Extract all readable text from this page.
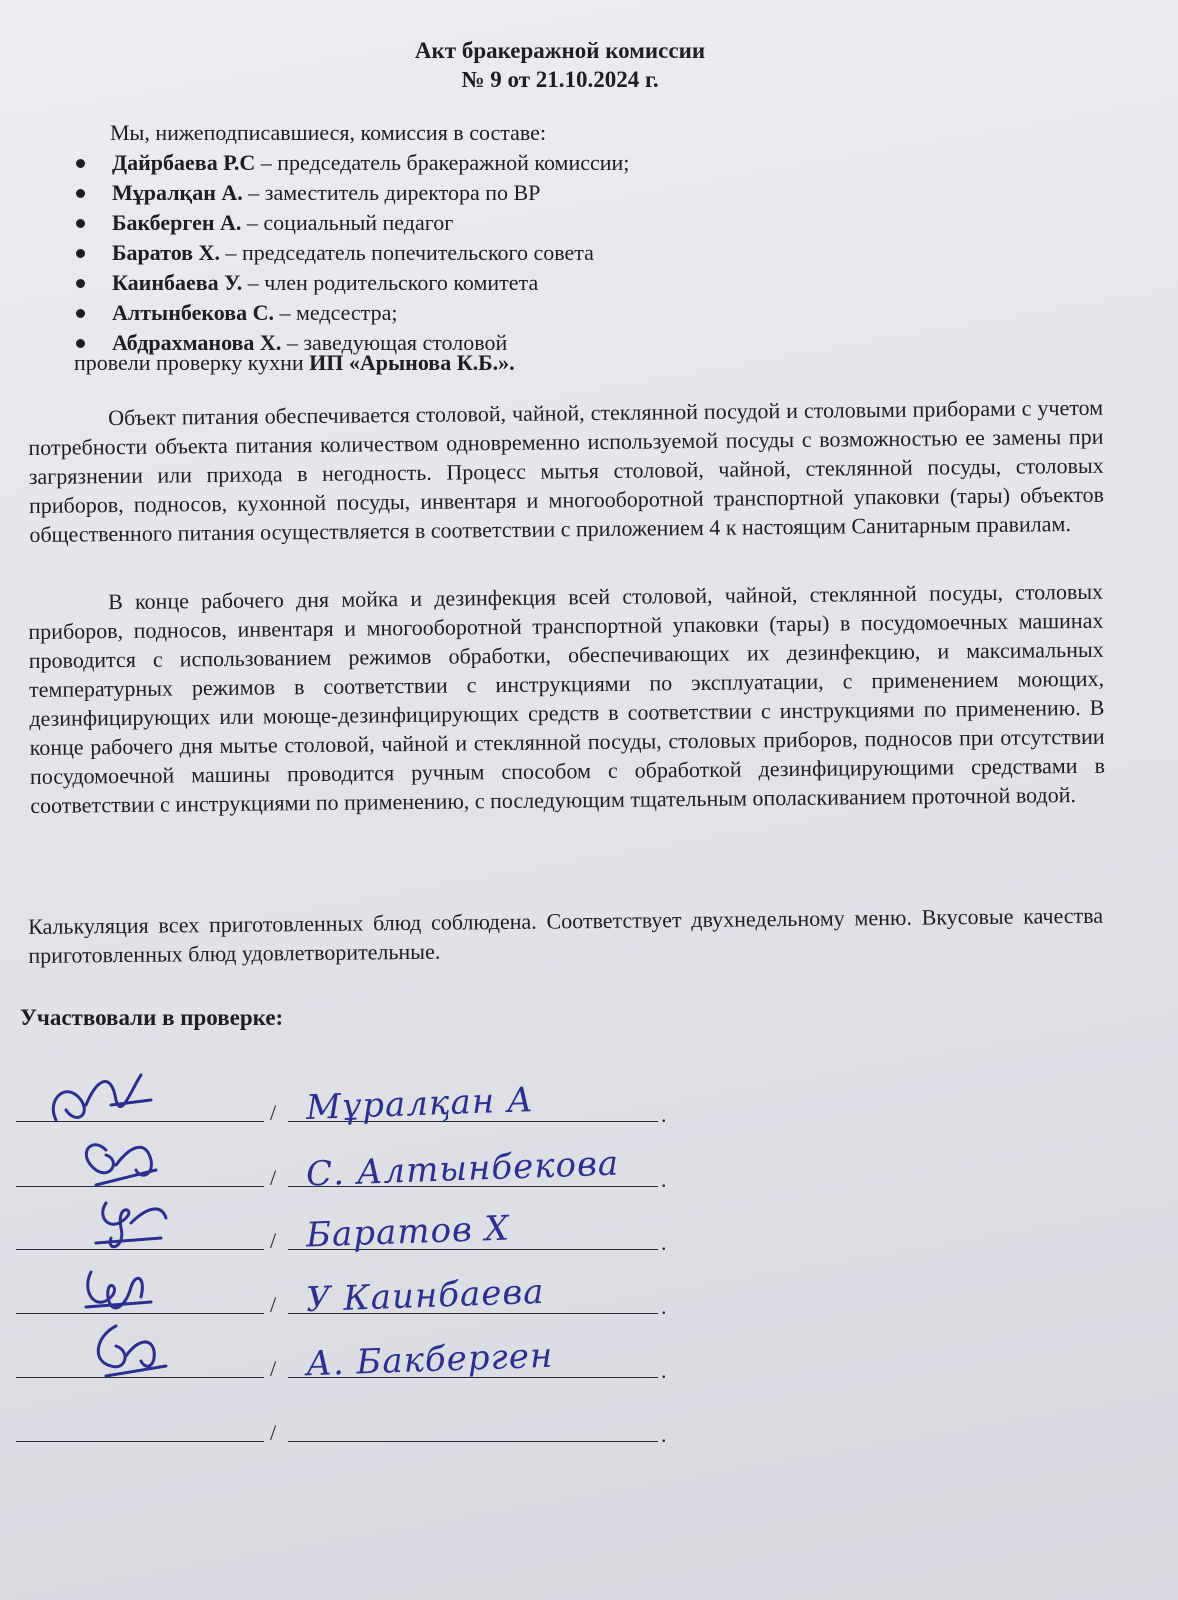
Акт бракеражной комиссии
№ 9 от 21.10.2024 г.
Мы, нижеподписавшиеся, комиссия в составе:
Дайрбаева Р.С – председатель бракеражной комиссии;
Мұралқан А. – заместитель директора по ВР
Бакберген А. – социальный педагог
Баратов Х. – председатель попечительского совета
Каинбаева У. – член родительского комитета
Алтынбекова С. – медсестра;
Абдрахманова Х. – заведующая столовой
провели проверку кухни ИП «Арынова К.Б.».
Объект питания обеспечивается столовой, чайной, стеклянной посудой и столовыми приборами с учетом потребности объекта питания количеством одновременно используемой посуды с возможностью ее замены при загрязнении или прихода в негодность. Процесс мытья столовой, чайной, стеклянной посуды, столовых приборов, подносов, кухонной посуды, инвентаря и многооборотной транспортной упаковки (тары) объектов общественного питания осуществляется в соответствии с приложением 4 к настоящим Санитарным правилам.
В конце рабочего дня мойка и дезинфекция всей столовой, чайной, стеклянной посуды, столовых приборов, подносов, инвентаря и многооборотной транспортной упаковки (тары) в посудомоечных машинах проводится с использованием режимов обработки, обеспечивающих их дезинфекцию, и максимальных температурных режимов в соответствии с инструкциями по эксплуатации, с применением моющих, дезинфицирующих или моюще-дезинфицирующих средств в соответствии с инструкциями по применению. В конце рабочего дня мытье столовой, чайной и стеклянной посуды, столовых приборов, подносов при отсутствии посудомоечной машины проводится ручным способом с обработкой дезинфицирующими средствами в соответствии с инструкциями по применению, с последующим тщательным ополаскиванием проточной водой.
Калькуляция всех приготовленных блюд соблюдена. Соответствует двухнедельному меню. Вкусовые качества приготовленных блюд удовлетворительные.
Участвовали в проверке:
/ Мұралқан А	.
/ С. Алтынбекова .
/ Баратов Х	.
/ У Каинбаева	.
/ А. Бакберген	.
/	.
